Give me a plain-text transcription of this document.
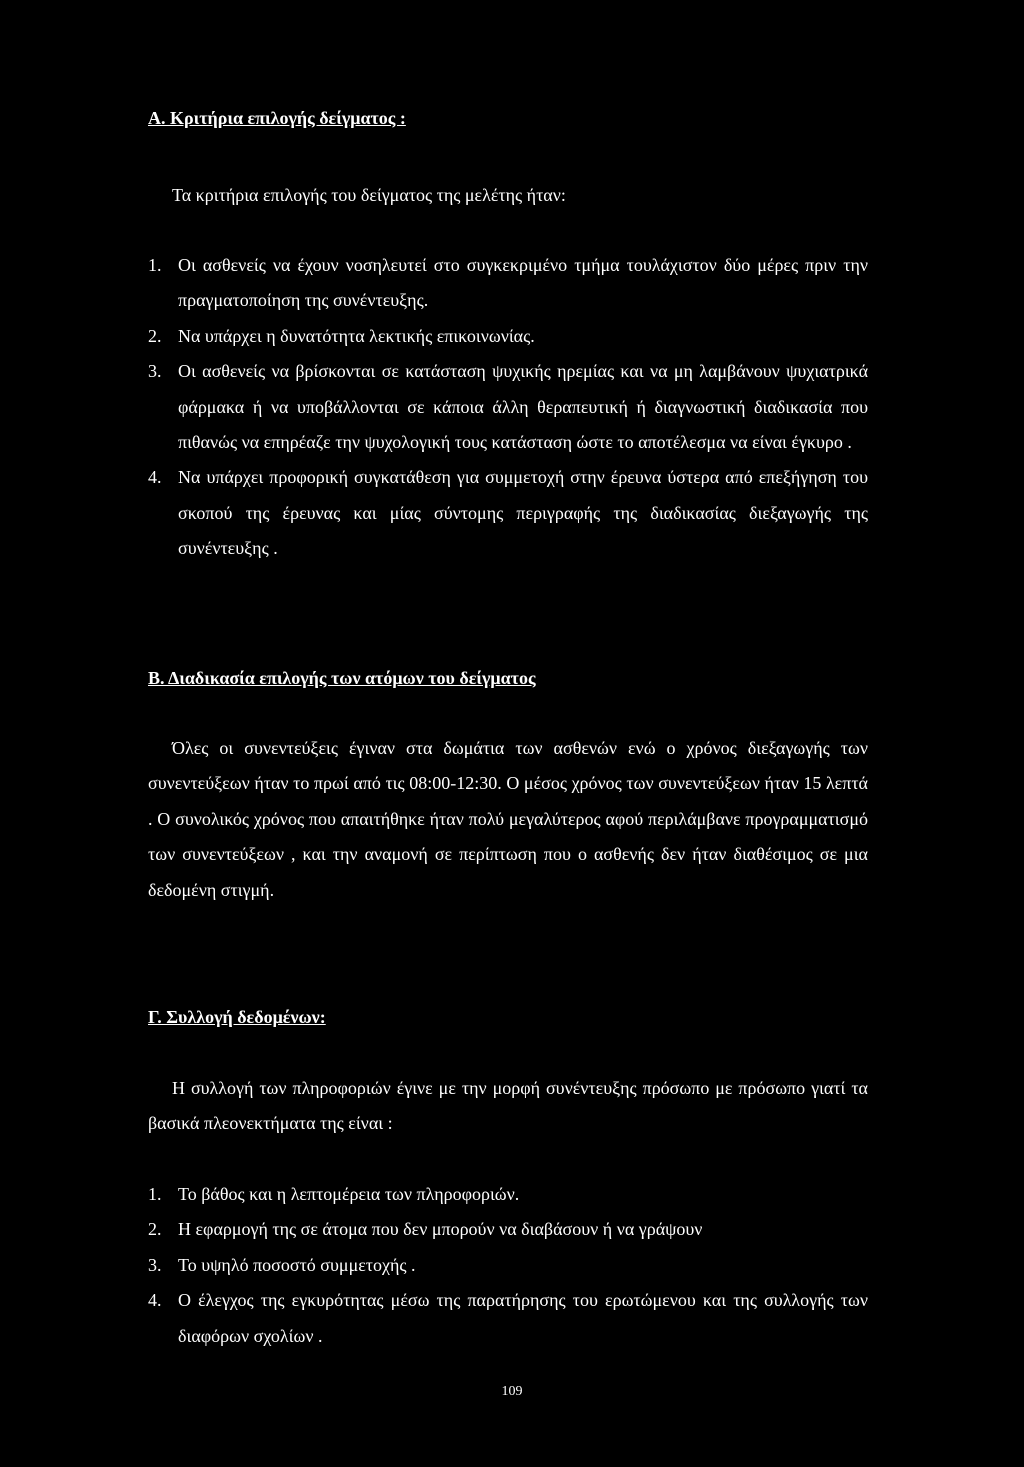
Α. Κριτήρια επιλογής δείγματος :
Τα κριτήρια επιλογής του δείγματος της μελέτης ήταν:
1. Οι ασθενείς να έχουν νοσηλευτεί στο συγκεκριμένο τμήμα τουλάχιστον δύο μέρες πριν την πραγματοποίηση της συνέντευξης.
2. Να υπάρχει η δυνατότητα λεκτικής επικοινωνίας.
3. Οι ασθενείς να βρίσκονται σε κατάσταση ψυχικής ηρεμίας και να μη λαμβάνουν ψυχιατρικά φάρμακα ή να υποβάλλονται σε κάποια άλλη θεραπευτική ή διαγνωστική διαδικασία που πιθανώς να επηρέαζε την ψυχολογική τους κατάσταση ώστε το αποτέλεσμα να είναι έγκυρο .
4. Να υπάρχει προφορική συγκατάθεση για συμμετοχή στην έρευνα ύστερα από επεξήγηση του σκοπού της έρευνας και μίας σύντομης περιγραφής της διαδικασίας διεξαγωγής της συνέντευξης .
Β. Διαδικασία επιλογής των ατόμων του δείγματος

Όλες οι συνεντεύξεις έγιναν στα δωμάτια των ασθενών ενώ ο χρόνος διεξαγωγής των συνεντεύξεων ήταν το πρωί από τις 08:00-12:30. Ο μέσος χρόνος των συνεντεύξεων ήταν 15 λεπτά . Ο συνολικός χρόνος που απαιτήθηκε ήταν πολύ μεγαλύτερος αφού περιλάμβανε προγραμματισμό των συνεντεύξεων , και την αναμονή σε περίπτωση που ο ασθενής δεν ήταν διαθέσιμος σε μια δεδομένη στιγμή.

Γ. Συλλογή δεδομένων:

Η συλλογή των πληροφοριών έγινε με την μορφή συνέντευξης πρόσωπο με πρόσωπο γιατί τα βασικά πλεονεκτήματα της είναι :

1. Το βάθος και η λεπτομέρεια των πληροφοριών.
2. Η εφαρμογή της σε άτομα που δεν μπορούν να διαβάσουν ή να γράψουν
3. Το υψηλό ποσοστό συμμετοχής .
4. Ο έλεγχος της εγκυρότητας μέσω της παρατήρησης του ερωτώμενου και της συλλογής των διαφόρων σχολίων .
109
